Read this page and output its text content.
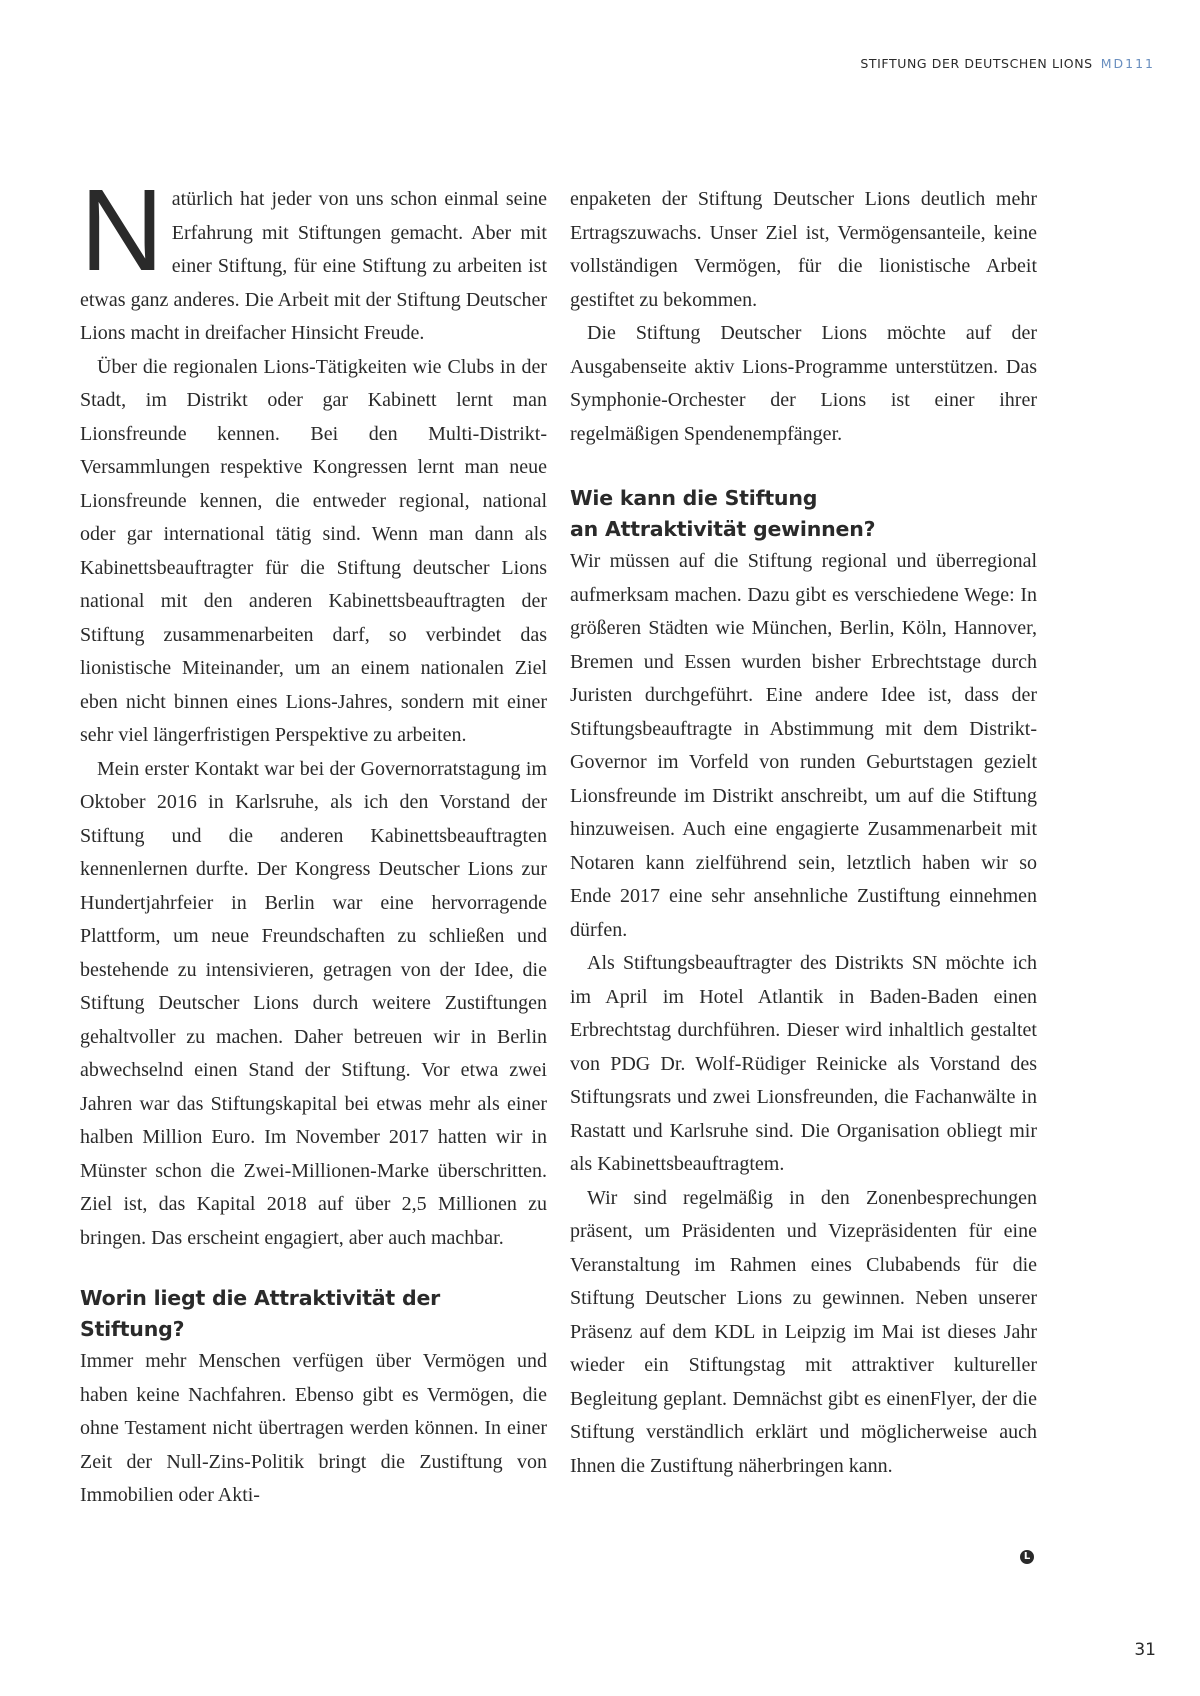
STIFTUNG DER DEUTSCHEN LIONS MD111

Natürlich hat jeder von uns schon einmal seine Erfahrung mit Stiftungen gemacht. Aber mit einer Stiftung, für eine Stiftung zu arbeiten ist etwas ganz anderes. Die Arbeit mit der Stiftung Deutscher Lions macht in dreifacher Hinsicht Freude.

Über die regionalen Lions-Tätigkeiten wie Clubs in der Stadt, im Distrikt oder gar Kabinett lernt man Lionsfreunde kennen. Bei den Multi-Distrikt-Versammlungen respektive Kongressen lernt man neue Lionsfreunde kennen, die entweder regional, national oder gar international tätig sind. Wenn man dann als Kabinettsbeauftragter für die Stiftung deutscher Lions national mit den anderen Kabinettsbeauftragten der Stiftung zusammenarbeiten darf, so verbindet das lionistische Miteinander, um an einem nationalen Ziel eben nicht binnen eines Lions-Jahres, sondern mit einer sehr viel längerfristigen Perspektive zu arbeiten.

Mein erster Kontakt war bei der Governorratstagung im Oktober 2016 in Karlsruhe, als ich den Vorstand der Stiftung und die anderen Kabinettsbeauftragten kennenlernen durfte. Der Kongress Deutscher Lions zur Hundertjahrfeier in Berlin war eine hervorragende Plattform, um neue Freundschaften zu schließen und bestehende zu intensivieren, getragen von der Idee, die Stiftung Deutscher Lions durch weitere Zustiftungen gehaltvoller zu machen. Daher betreuen wir in Berlin abwechselnd einen Stand der Stiftung. Vor etwa zwei Jahren war das Stiftungskapital bei etwas mehr als einer halben Million Euro. Im November 2017 hatten wir in Münster schon die Zwei-Millionen-Marke überschritten. Ziel ist, das Kapital 2018 auf über 2,5 Millionen zu bringen. Das erscheint engagiert, aber auch machbar.

Worin liegt die Attraktivität der Stiftung?

Immer mehr Menschen verfügen über Vermögen und haben keine Nachfahren. Ebenso gibt es Vermögen, die ohne Testament nicht übertragen werden können. In einer Zeit der Null-Zins-Politik bringt die Zustiftung von Immobilien oder Akti-

enpaketen der Stiftung Deutscher Lions deutlich mehr Ertragszuwachs. Unser Ziel ist, Vermögensanteile, keine vollständigen Vermögen, für die lionistische Arbeit gestiftet zu bekommen.

Die Stiftung Deutscher Lions möchte auf der Ausgabenseite aktiv Lions-Programme unterstützen. Das Symphonie-Orchester der Lions ist einer ihrer regelmäßigen Spendenempfänger.

Wie kann die Stiftung
an Attraktivität gewinnen?

Wir müssen auf die Stiftung regional und überregional aufmerksam machen. Dazu gibt es verschiedene Wege: In größeren Städten wie München, Berlin, Köln, Hannover, Bremen und Essen wurden bisher Erbrechtstage durch Juristen durchgeführt. Eine andere Idee ist, dass der Stiftungsbeauftragte in Abstimmung mit dem Distrikt-Governor im Vorfeld von runden Geburtstagen gezielt Lionsfreunde im Distrikt anschreibt, um auf die Stiftung hinzuweisen. Auch eine engagierte Zusammenarbeit mit Notaren kann zielführend sein, letztlich haben wir so Ende 2017 eine sehr ansehnliche Zustiftung einnehmen dürfen.

Als Stiftungsbeauftragter des Distrikts SN möchte ich im April im Hotel Atlantik in Baden-Baden einen Erbrechtstag durchführen. Dieser wird inhaltlich gestaltet von PDG Dr. Wolf-Rüdiger Reinicke als Vorstand des Stiftungsrats und zwei Lionsfreunden, die Fachanwälte in Rastatt und Karlsruhe sind. Die Organisation obliegt mir als Kabinettsbeauftragtem.

Wir sind regelmäßig in den Zonenbesprechungen präsent, um Präsidenten und Vizepräsidenten für eine Veranstaltung im Rahmen eines Clubabends für die Stiftung Deutscher Lions zu gewinnen. Neben unserer Präsenz auf dem KDL in Leipzig im Mai ist dieses Jahr wieder ein Stiftungstag mit attraktiver kultureller Begleitung geplant. Demnächst gibt es einenFlyer, der die Stiftung verständlich erklärt und möglicherweise auch Ihnen die Zustiftung näherbringen kann.

L
31
